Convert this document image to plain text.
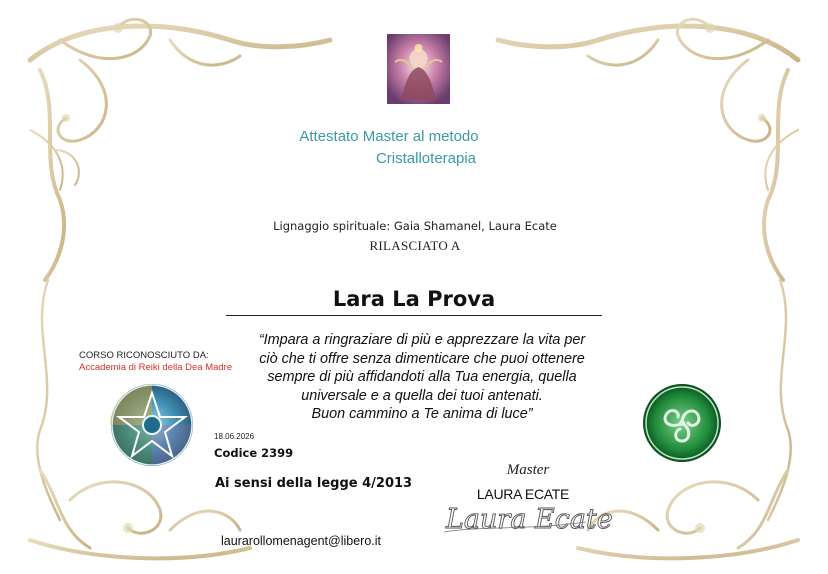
Attestato Master al metodo
Cristalloterapia
Lignaggio spirituale: Gaia Shamanel, Laura Ecate
RILASCIATO A
Lara La Prova
“Impara a ringraziare di più e apprezzare la vita per
ciò che ti offre senza dimenticare che puoi ottenere
sempre di più affidandoti alla Tua energia, quella
universale e a quella dei tuoi antenati.
Buon cammino a Te anima di luce”
CORSO RICONOSCIUTO DA:
Accademia di Reiki della Dea Madre
18.06.2026
Codice 2399
Ai sensi della legge 4/2013
laurarollomenagent@libero.it
Master
LAURA ECATE
Laura Ecate
